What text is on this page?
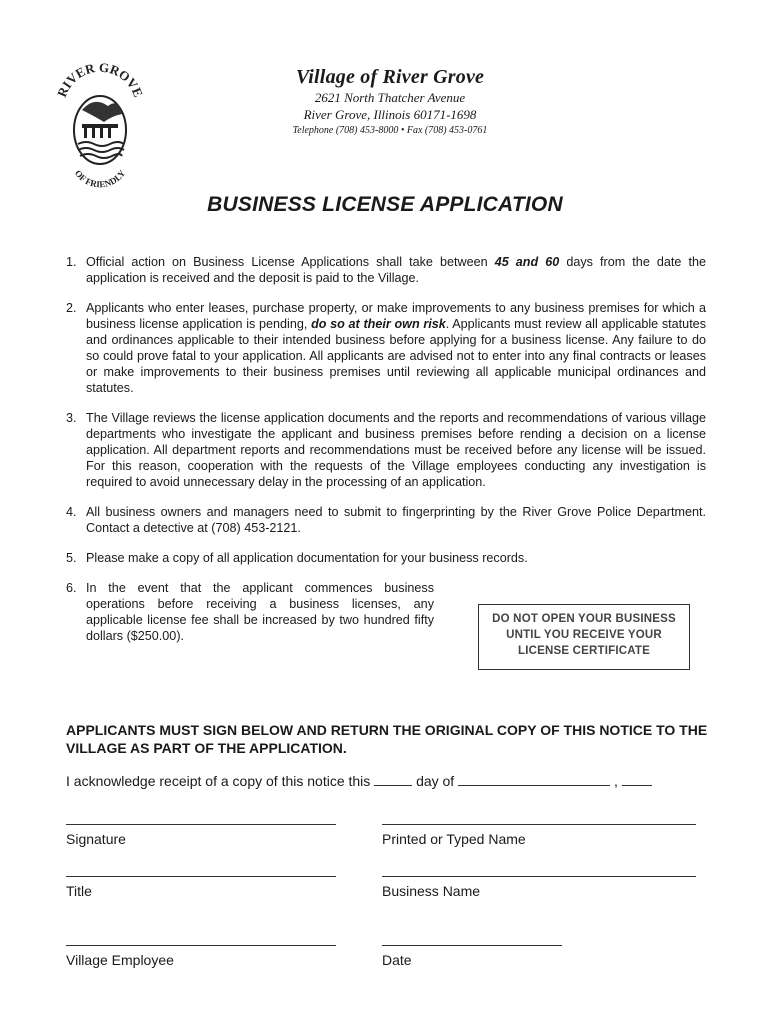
RIVER GROVE
OF FRIENDLY
Village of River Grove
2621 North Thatcher Avenue
River Grove, Illinois 60171-1698
Telephone (708) 453-8000 • Fax (708) 453-0761
BUSINESS LICENSE APPLICATION
1. Official action on Business License Applications shall take between 45 and 60 days from the date the application is received and the deposit is paid to the Village.
2. Applicants who enter leases, purchase property, or make improvements to any business premises for which a business license application is pending, do so at their own risk. Applicants must review all applicable statutes and ordinances applicable to their intended business before applying for a business license. Any failure to do so could prove fatal to your application. All applicants are advised not to enter into any final contracts or leases or make improvements to their business premises until reviewing all applicable municipal ordinances and statutes.
3. The Village reviews the license application documents and the reports and recommendations of various village departments who investigate the applicant and business premises before rending a decision on a license application. All department reports and recommendations must be received before any license will be issued. For this reason, cooperation with the requests of the Village employees conducting any investigation is required to avoid unnecessary delay in the processing of an application.
4. All business owners and managers need to submit to fingerprinting by the River Grove Police Department. Contact a detective at (708) 453-2121.
5. Please make a copy of all application documentation for your business records.
6. In the event that the applicant commences business operations before receiving a business licenses, any applicable license fee shall be increased by two hundred fifty dollars ($250.00).
DO NOT OPEN YOUR BUSINESS
UNTIL YOU RECEIVE YOUR
LICENSE CERTIFICATE
APPLICANTS MUST SIGN BELOW AND RETURN THE ORIGINAL COPY OF THIS NOTICE TO THE VILLAGE AS PART OF THE APPLICATION.
I acknowledge receipt of a copy of this notice this	day of	,
Signature	Printed or Typed Name
Title	Business Name
Village Employee	Date
